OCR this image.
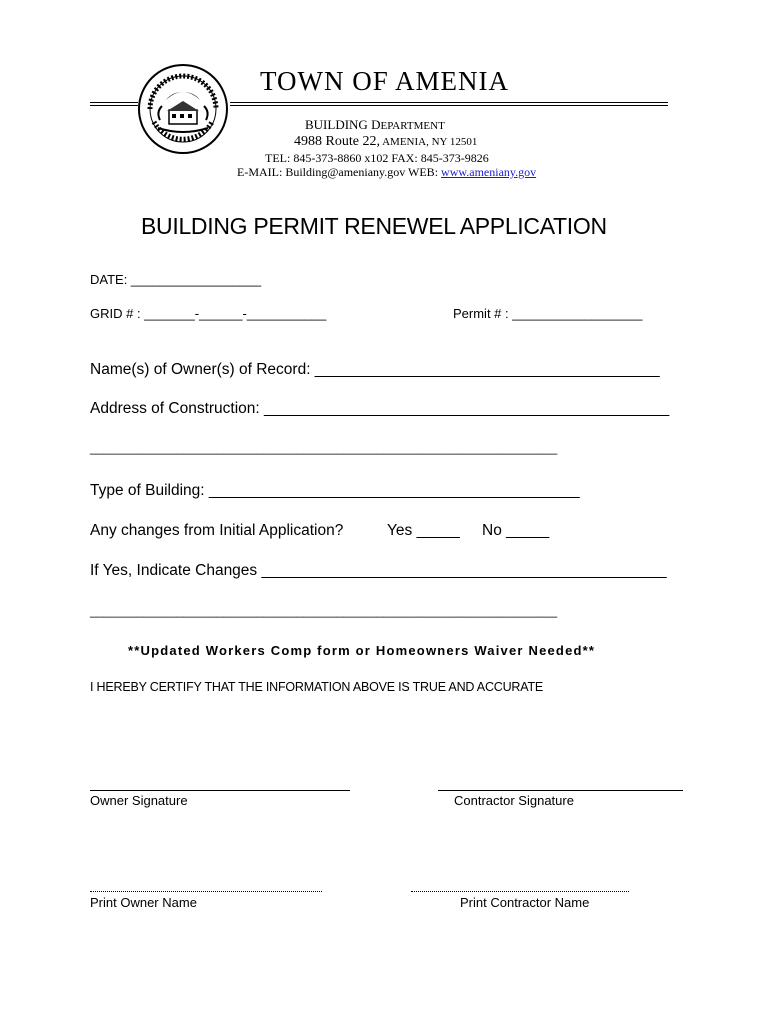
TOWN OF AMENIA
BUILDING DEPARTMENT
4988 Route 22, AMENIA, NY 12501
TEL: 845-373-8860 x102 FAX: 845-373-9826
E-MAIL: Building@ameniany.gov WEB: www.ameniany.gov
BUILDING PERMIT RENEWEL APPLICATION
DATE: __________________
GRID # : _______-______-___________	Permit # : __________________
Name(s) of Owner(s) of Record: ________________________________________
Address of Construction: _______________________________________________
______________________________________________________________________
Type of Building: ___________________________________________
Any changes from Initial Application?	Yes _____ No _____
If Yes, Indicate Changes _______________________________________________
______________________________________________________________________
**Updated Workers Comp form or Homeowners Waiver Needed**
I HEREBY CERTIFY THAT THE INFORMATION ABOVE IS TRUE AND ACCURATE
Owner Signature	Contractor Signature
Print Owner Name	Print Contractor Name
